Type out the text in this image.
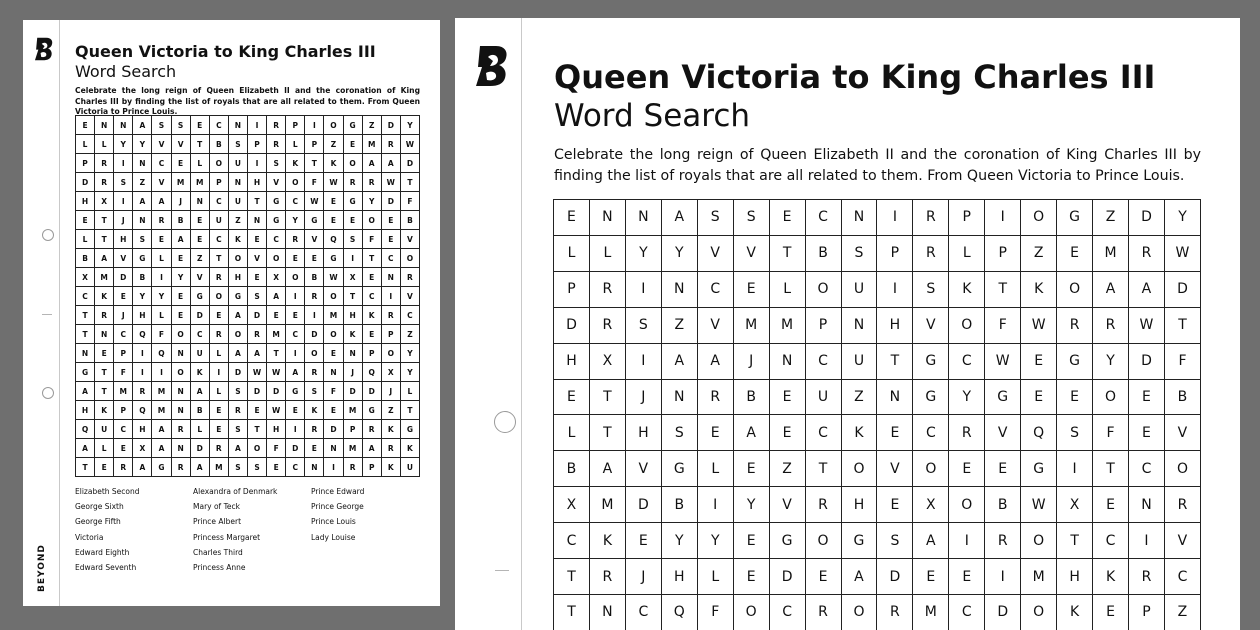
Queen Victoria to King Charles III
Word Search
Celebrate the long reign of Queen Elizabeth II and the coronation of King Charles III by finding the list of royals that are all related to them. From Queen Victoria to Prince Louis.
E	N	N	A	S	S	E	C	N	I	R	P	I	O	G	Z	D	Y
L	L	Y	Y	V	V	T	B	S	P	R	L	P	Z	E	M	R	W
P	R	I	N	C	E	L	O	U	I	S	K	T	K	O	A	A	D
D	R	S	Z	V	M	M	P	N	H	V	O	F	W	R	R	W	T
H	X	I	A	A	J	N	C	U	T	G	C	W	E	G	Y	D	F
E	T	J	N	R	B	E	U	Z	N	G	Y	G	E	E	O	E	B
L	T	H	S	E	A	E	C	K	E	C	R	V	Q	S	F	E	V
B	A	V	G	L	E	Z	T	O	V	O	E	E	G	I	T	C	O
X	M	D	B	I	Y	V	R	H	E	X	O	B	W	X	E	N	R
C	K	E	Y	Y	E	G	O	G	S	A	I	R	O	T	C	I	V
T	R	J	H	L	E	D	E	A	D	E	E	I	M	H	K	R	C
T	N	C	Q	F	O	C	R	O	R	M	C	D	O	K	E	P	Z
N	E	P	I	Q	N	U	L	A	A	T	I	O	E	N	P	O	Y
G	T	F	I	I	O	K	I	D	W	W	A	R	N	J	Q	X	Y
A	T	M	R	M	N	A	L	S	D	D	G	S	F	D	D	J	L
H	K	P	Q	M	N	B	E	R	E	W	E	K	E	M	G	Z	T
Q	U	C	H	A	R	L	E	S	T	H	I	R	D	P	R	K	G
A	L	E	X	A	N	D	R	A	O	F	D	E	N	M	A	R	K
T	E	R	A	G	R	A	M	S	S	E	C	N	I	R	P	K	U
Elizabeth Second
George Sixth
George Fifth
Victoria
Edward Eighth
Edward Seventh
Alexandra of Denmark
Mary of Teck
Prince Albert
Princess Margaret
Charles Third
Princess Anne
Prince Edward
Prince George
Prince Louis
Lady Louise
BEYOND
Queen Victoria to King Charles III
Word Search
Celebrate the long reign of Queen Elizabeth II and the coronation of King Charles III by finding the list of royals that are all related to them. From Queen Victoria to Prince Louis.
E	N	N	A	S	S	E	C	N	I	R	P	I	O	G	Z	D	Y
L	L	Y	Y	V	V	T	B	S	P	R	L	P	Z	E	M	R	W
P	R	I	N	C	E	L	O	U	I	S	K	T	K	O	A	A	D
D	R	S	Z	V	M	M	P	N	H	V	O	F	W	R	R	W	T
H	X	I	A	A	J	N	C	U	T	G	C	W	E	G	Y	D	F
E	T	J	N	R	B	E	U	Z	N	G	Y	G	E	E	O	E	B
L	T	H	S	E	A	E	C	K	E	C	R	V	Q	S	F	E	V
B	A	V	G	L	E	Z	T	O	V	O	E	E	G	I	T	C	O
X	M	D	B	I	Y	V	R	H	E	X	O	B	W	X	E	N	R
C	K	E	Y	Y	E	G	O	G	S	A	I	R	O	T	C	I	V
T	R	J	H	L	E	D	E	A	D	E	E	I	M	H	K	R	C
T	N	C	Q	F	O	C	R	O	R	M	C	D	O	K	E	P	Z
